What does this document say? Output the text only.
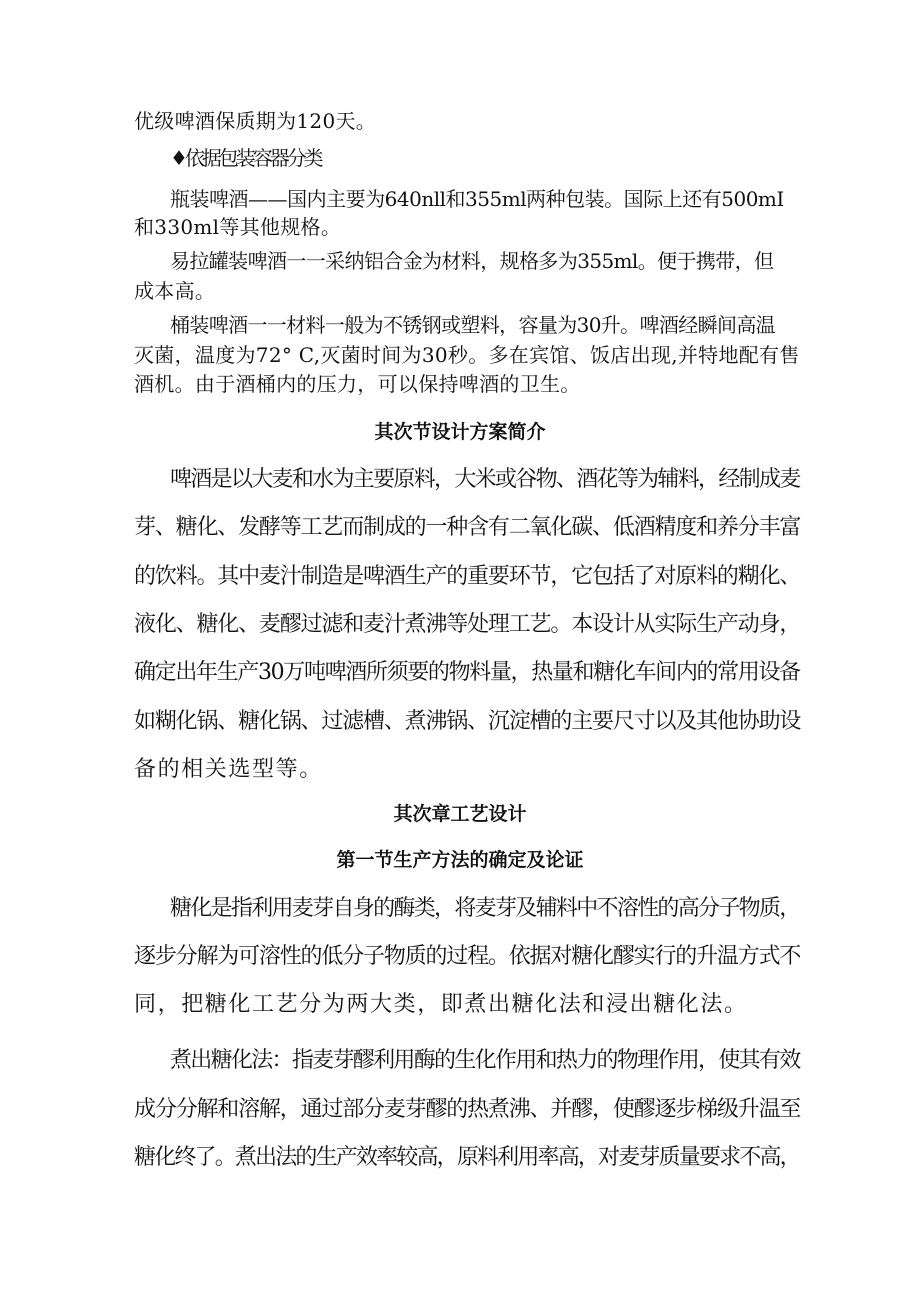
优级啤酒保质期为120天。

♦依据包装容器分类

瓶装啤酒——国内主要为640nll和355ml两种包装。国际上还有500mI

和330ml等其他规格。

易拉罐装啤酒一一采纳铝合金为材料，规格多为355ml。便于携带，但

成本高。

桶装啤酒一一材料一般为不锈钢或塑料，容量为30升。啤酒经瞬间高温

灭菌，温度为72° C,灭菌时间为30秒。多在宾馆、饭店出现,并特地配有售

酒机。由于酒桶内的压力，可以保持啤酒的卫生。

其次节设计方案简介

啤酒是以大麦和水为主要原料，大米或谷物、酒花等为辅料，经制成麦

芽、糖化、发酵等工艺而制成的一种含有二氧化碳、低酒精度和养分丰富

的饮料。其中麦汁制造是啤酒生产的重要环节，它包括了对原料的糊化、

液化、糖化、麦醪过滤和麦汁煮沸等处理工艺。本设计从实际生产动身，

确定出年生产30万吨啤酒所须要的物料量，热量和糖化车间内的常用设备

如糊化锅、糖化锅、过滤槽、煮沸锅、沉淀槽的主要尺寸以及其他协助设

备的相关选型等。

其次章工艺设计

第一节生产方法的确定及论证

糖化是指利用麦芽自身的酶类，将麦芽及辅料中不溶性的高分子物质，

逐步分解为可溶性的低分子物质的过程。依据对糖化醪实行的升温方式不

同，把糖化工艺分为两大类，即煮出糖化法和浸出糖化法。

煮出糖化法：指麦芽醪利用酶的生化作用和热力的物理作用，使其有效

成分分解和溶解，通过部分麦芽醪的热煮沸、并醪，使醪逐步梯级升温至

糖化终了。煮出法的生产效率较高，原料利用率高，对麦芽质量要求不高，
